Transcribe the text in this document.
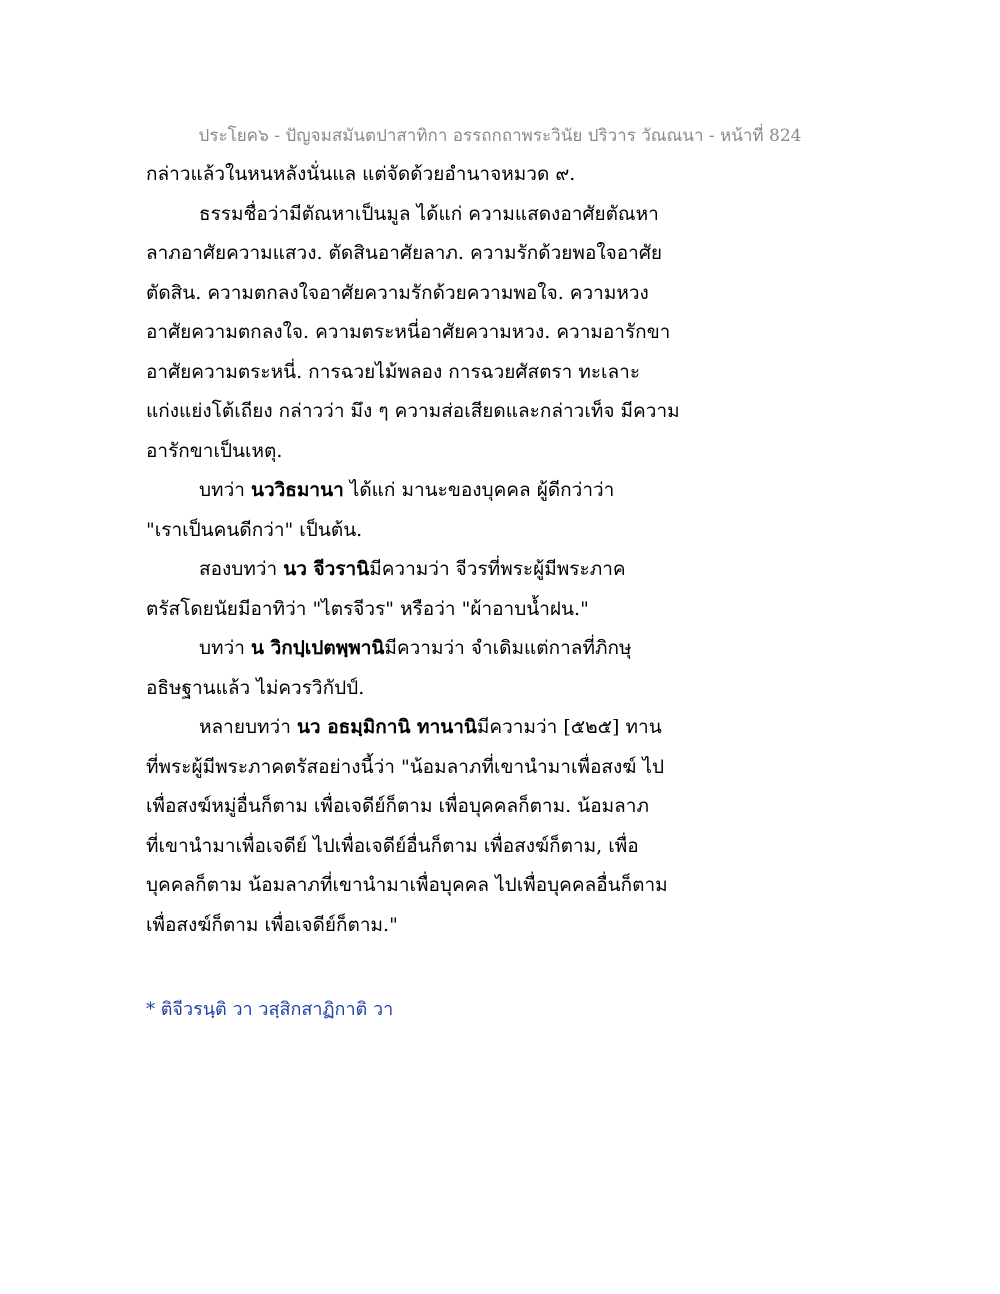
ประโยค๖ - ปัญจมสมันตปาสาทิกา อรรถกถาพระวินัย ปริวาร วัณณนา - หน้าที่ 824
กล่าวแล้วในหนหลังนั่นแล แต่จัดด้วยอำนาจหมวด ๙.
ธรรมชื่อว่ามีตัณหาเป็นมูล ได้แก่ ความแสดงอาศัยตัณหา
ลาภอาศัยความแสวง. ตัดสินอาศัยลาภ. ความรักด้วยพอใจอาศัย
ตัดสิน. ความตกลงใจอาศัยความรักด้วยความพอใจ. ความหวง
อาศัยความตกลงใจ. ความตระหนี่อาศัยความหวง. ความอารักขา
อาศัยความตระหนี่. การฉวยไม้พลอง การฉวยศัสตรา ทะเลาะ
แก่งแย่งโต้เถียง กล่าวว่า มึง ๆ ความส่อเสียดและกล่าวเท็จ มีความ
อารักขาเป็นเหตุ.
บทว่า นววิธมานา ได้แก่ มานะของบุคคล ผู้ดีกว่าว่า
"เราเป็นคนดีกว่า" เป็นต้น.
สองบทว่า นว จีวรานิมีความว่า จีวรที่พระผู้มีพระภาค
ตรัสโดยนัยมีอาทิว่า "ไตรจีวร" หรือว่า "ผ้าอาบน้ำฝน."
บทว่า น วิกปฺเปตพฺพานิมีความว่า จำเดิมแต่กาลที่ภิกษุ
อธิษฐานแล้ว ไม่ควรวิกัปป์.
หลายบทว่า นว อธมฺมิกานิ ทานานิมีความว่า [๕๒๕] ทาน
ที่พระผู้มีพระภาคตรัสอย่างนี้ว่า "น้อมลาภที่เขานำมาเพื่อสงฆ์ ไป
เพื่อสงฆ์หมู่อื่นก็ตาม เพื่อเจดีย์ก็ตาม เพื่อบุคคลก็ตาม. น้อมลาภ
ที่เขานำมาเพื่อเจดีย์ ไปเพื่อเจดีย์อื่นก็ตาม เพื่อสงฆ์ก็ตาม, เพื่อ
บุคคลก็ตาม น้อมลาภที่เขานำมาเพื่อบุคคล ไปเพื่อบุคคลอื่นก็ตาม
เพื่อสงฆ์ก็ตาม เพื่อเจดีย์ก็ตาม."
* ติจีวรนฺติ วา วสฺสิกสาฏิกาติ วา
